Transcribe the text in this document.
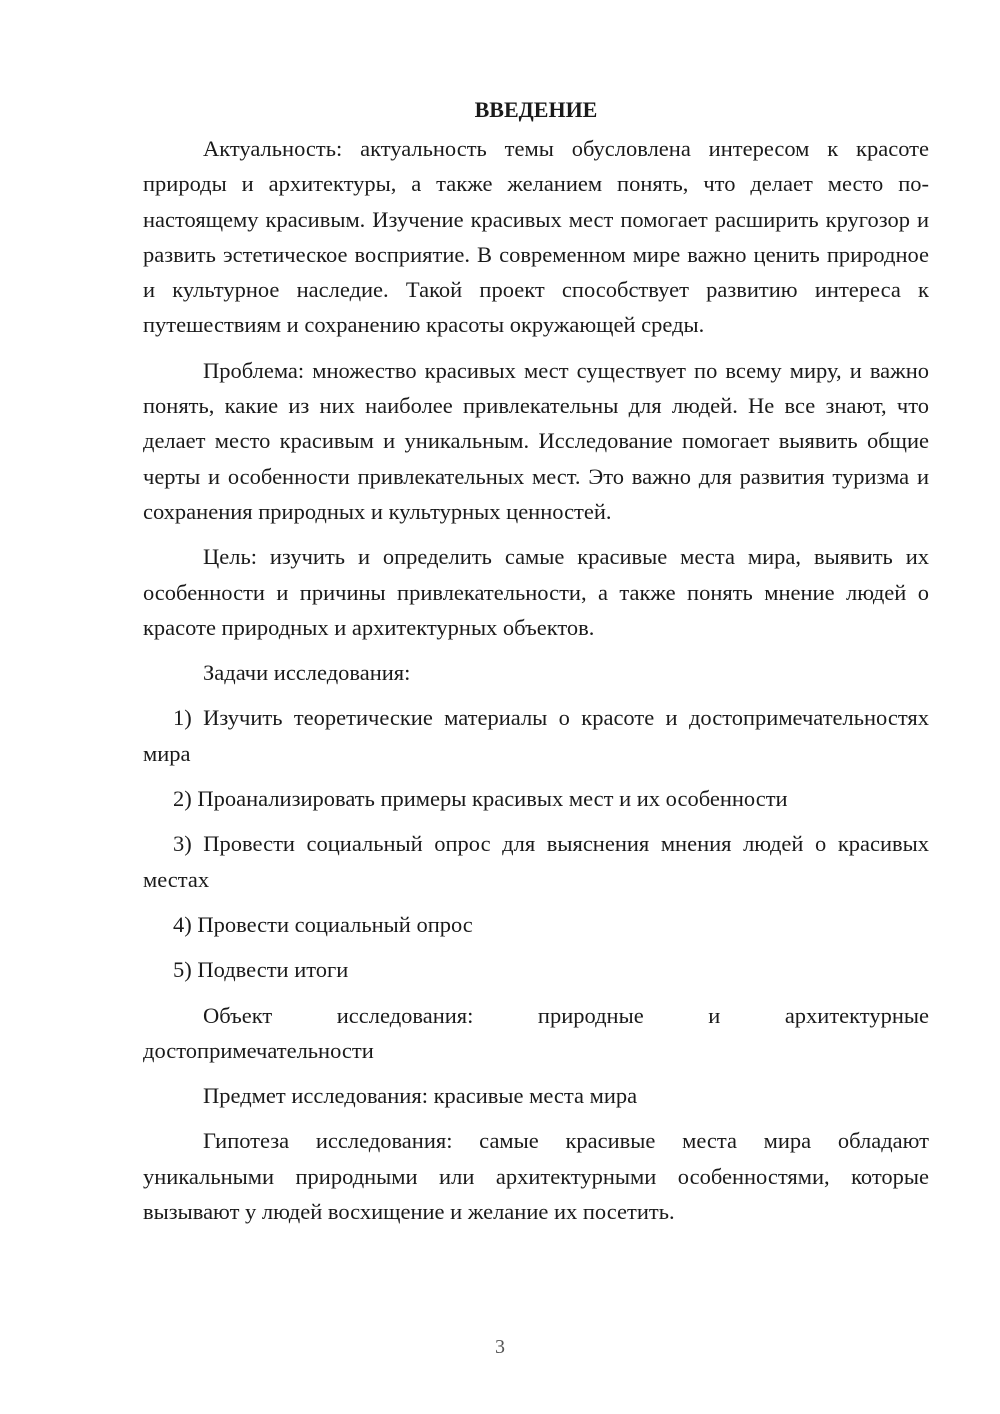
ВВЕДЕНИЕ

Актуальность: актуальность темы обусловлена интересом к красоте природы и архитектуры, а также желанием понять, что делает место по-настоящему красивым. Изучение красивых мест помогает расширить кругозор и развить эстетическое восприятие. В современном мире важно ценить природное и культурное наследие. Такой проект способствует развитию интереса к путешествиям и сохранению красоты окружающей среды.

Проблема: множество красивых мест существует по всему миру, и важно понять, какие из них наиболее привлекательны для людей. Не все знают, что делает место красивым и уникальным. Исследование помогает выявить общие черты и особенности привлекательных мест. Это важно для развития туризма и сохранения природных и культурных ценностей.

Цель: изучить и определить самые красивые места мира, выявить их особенности и причины привлекательности, а также понять мнение людей о красоте природных и архитектурных объектов.

Задачи исследования:

1) Изучить теоретические материалы о красоте и достопримечательностях мира

2) Проанализировать примеры красивых мест и их особенности

3) Провести социальный опрос для выяснения мнения людей о красивых местах

4) Провести социальный опрос

5) Подвести итоги

Объект исследования: природные и архитектурные достопримечательности

Предмет исследования: красивые места мира

Гипотеза исследования: самые красивые места мира обладают уникальными природными или архитектурными особенностями, которые вызывают у людей восхищение и желание их посетить.

3
